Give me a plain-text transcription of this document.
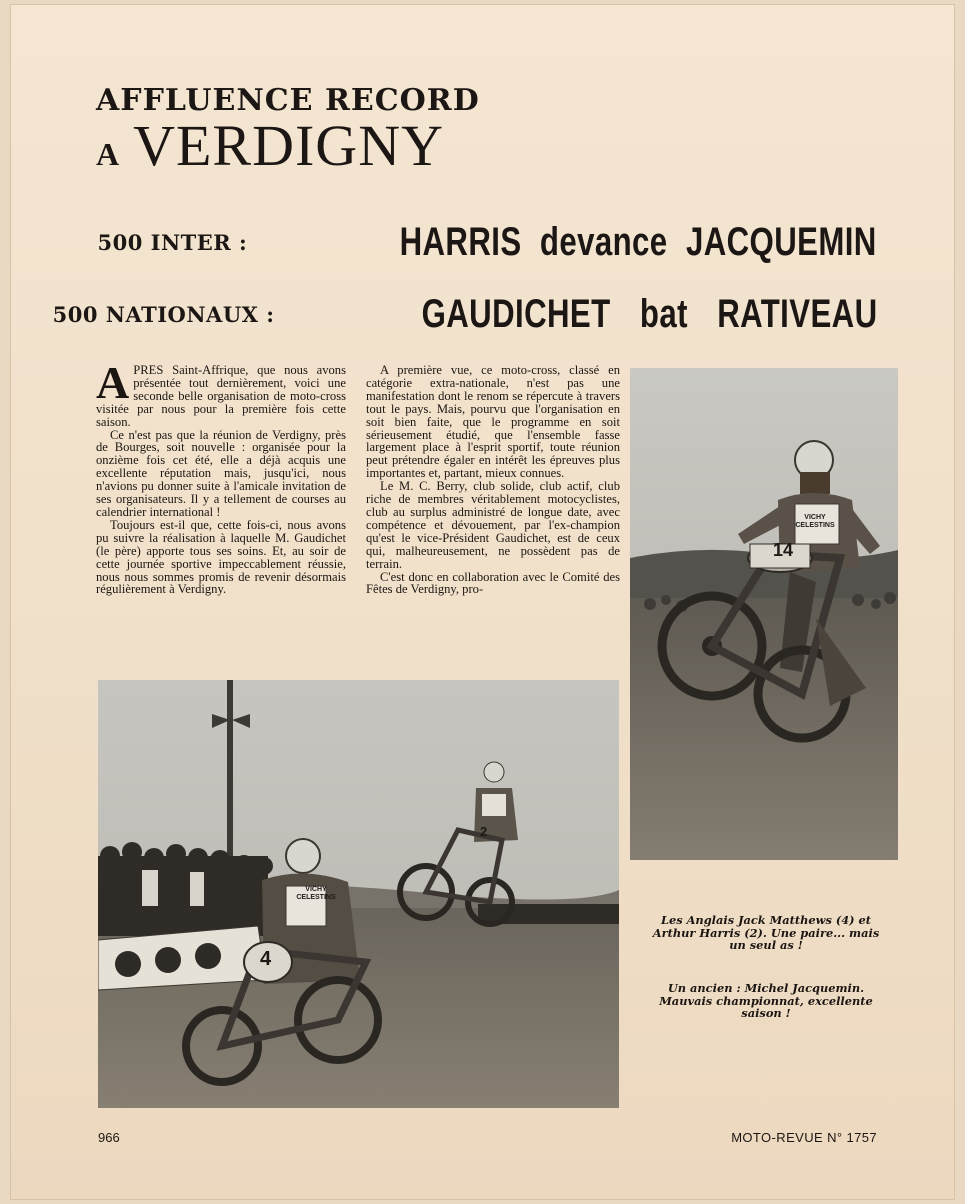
AFFLUENCE RECORD
A VERDIGNY
500 INTER :	HARRIS devance JACQUEMIN
500 NATIONAUX :	GAUDICHET bat RATIVEAU

APRES Saint-Affrique, que nous avons présentée tout dernièrement, voici une seconde belle organisation de moto-cross visitée par nous pour la première fois cette saison.

Ce n'est pas que la réunion de Verdigny, près de Bourges, soit nouvelle : organisée pour la onzième fois cet été, elle a déjà acquis une excellente réputation mais, jusqu'ici, nous n'avions pu donner suite à l'amicale invitation de ses organisateurs. Il y a tellement de courses au calendrier international !

Toujours est-il que, cette fois-ci, nous avons pu suivre la réalisation à laquelle M. Gaudichet (le père) apporte tous ses soins. Et, au soir de cette journée sportive impeccablement réussie, nous nous sommes promis de revenir désormais régulièrement à Verdigny.

A première vue, ce moto-cross, classé en catégorie extra-nationale, n'est pas une manifestation dont le renom se répercute à travers tout le pays. Mais, pourvu que l'organisation en soit bien faite, que le programme en soit sérieusement étudié, que l'ensemble fasse largement place à l'esprit sportif, toute réunion peut prétendre égaler en intérêt les épreuves plus importantes et, partant, mieux connues.

Le M. C. Berry, club solide, club actif, club riche de membres véritablement motocyclistes, club au surplus administré de longue date, avec compétence et dévouement, par l'ex-champion qu'est le vice-Président Gaudichet, est de ceux qui, malheureusement, ne possèdent pas de terrain.

C'est donc en collaboration avec le Comité des Fêtes de Verdigny, pro-

14
4
2
VICHY CELESTINS
VICHY CELESTINS
Les Anglais Jack Matthews (4) et Arthur Harris (2). Une paire... mais un seul as !
Un ancien : Michel Jacquemin. Mauvais championnat, excellente saison !
966	MOTO-REVUE N° 1757
